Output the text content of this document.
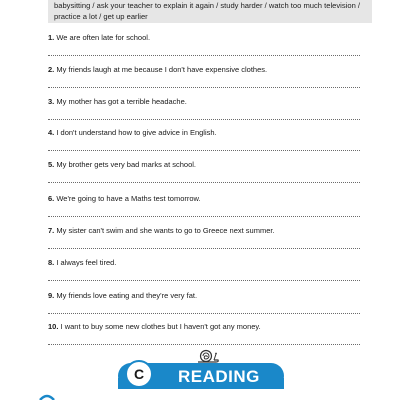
babysitting / ask your teacher to explain it again / study harder / watch too much television /
practice a lot / get up earlier
1. We are often late for school.
2. My friends laugh at me because I don't have expensive clothes.
3. My mother has got a terrible headache.
4. I don't understand how to give advice in English.
5. My brother gets very bad marks at school.
6. We're going to have a Maths test tomorrow.
7. My sister can't swim and she wants to go to Greece next summer.
8. I always feel tired.
9. My friends love eating and they're very fat.
10. I want to buy some new clothes but I haven't got any money.
C	READING
